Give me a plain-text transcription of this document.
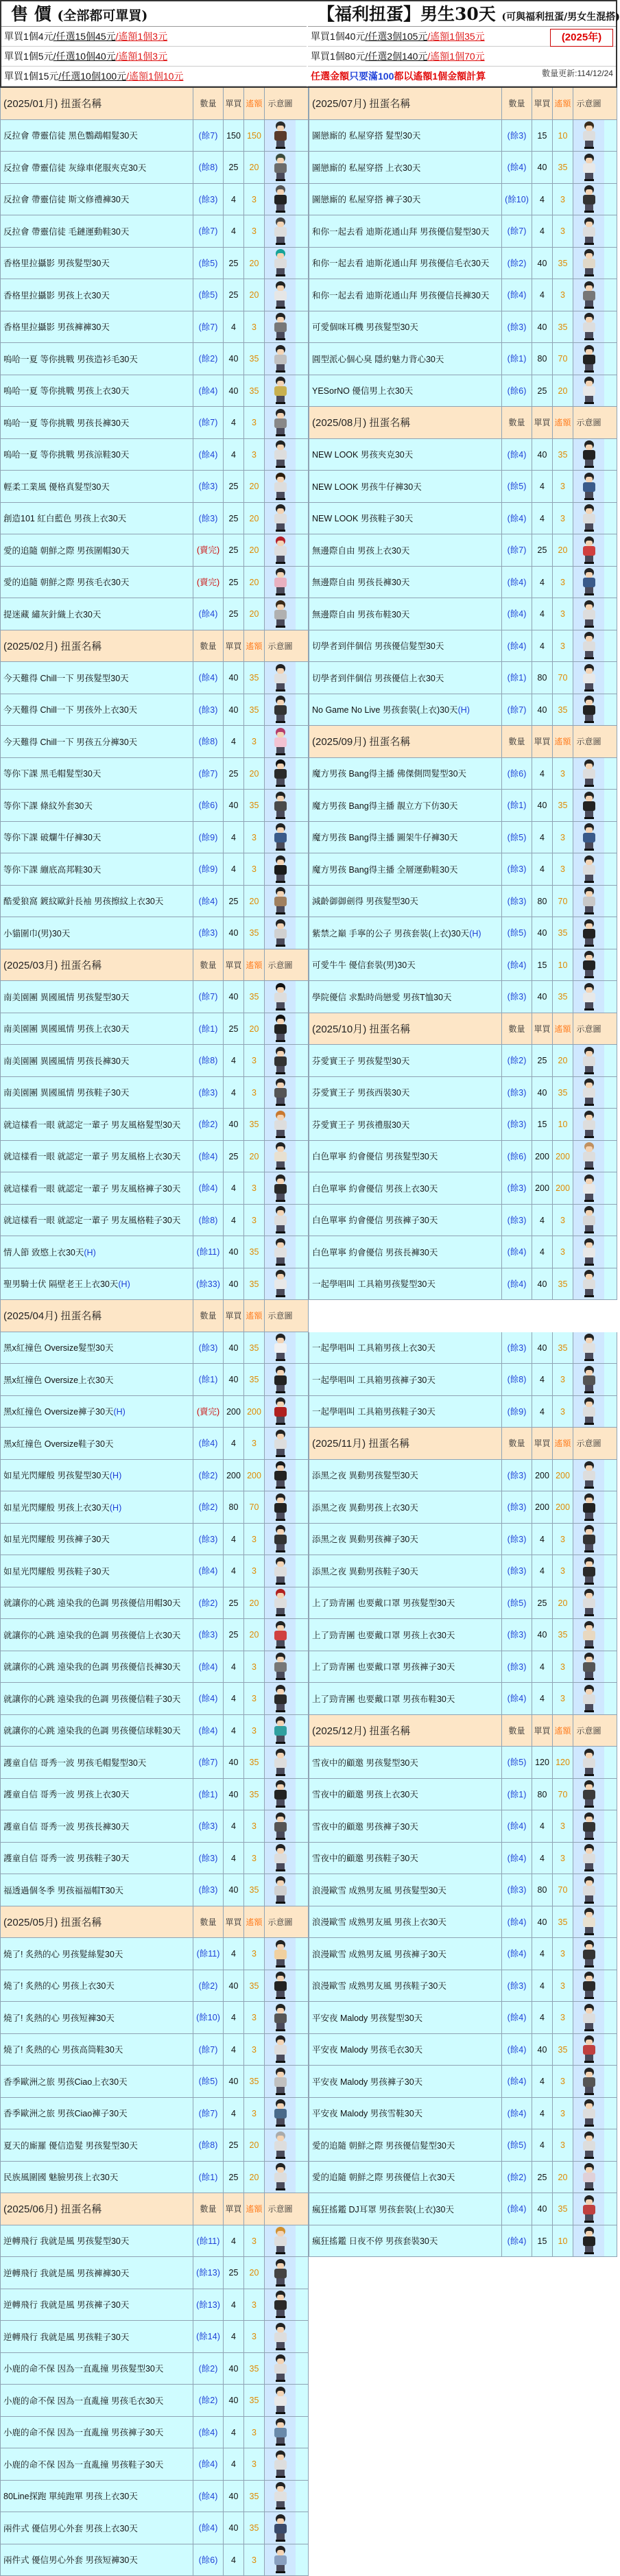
售 價 (全部都可單買)
單買1個4元/任選15個45元/遙額1個3元
單買1個5元/任選10個40元/遙額1個3元
單買1個15元/任選10個100元/遙額1個10元
【福利扭蛋】男生30天 (可與福利扭蛋/男女生混搭)
單買1個40元/任選3個105元/遙額1個35元
單買1個80元/任選2個140元/遙額1個70元
任選金額只要滿100都以遙額1個金額計算
(2025年)
數量更新:114/12/24
(2025/01月) 扭蛋名稱	數量	單買 遙額 示意圖
反拉會 帶靈信徒 黑色鸚鵡帽髮30天	(餘7)	150 150
反拉會 帶靈信徒 灰綠車佬服夾克30天	(餘8)	25	20
反拉會 帶靈信徒 斯文修禮褲30天	(餘3)	4	3
反拉會 帶靈信徒 毛鏈運動鞋30天	(餘7)	4	3
香格里拉攝影 男孩髮型30天	(餘5)	25	20
香格里拉攝影 男孩上衣30天	(餘5)	25	20
香格里拉攝影 男孩褲褲30天	(餘7)	4	3
嗚哈一夏 等你挑戰 男孩造衫毛30天	(餘2)	40	35
嗚哈一夏 等你挑戰 男孩上衣30天	(餘4)	40	35
嗚哈一夏 等你挑戰 男孩長褲30天	(餘7)	4	3
嗚哈一夏 等你挑戰 男孩涼鞋30天	(餘4)	4	3
輕柔工業風 優格真髮型30天	(餘3)	25	20
創造101 紅白藍色 男孩上衣30天	(餘3)	25	20
愛的追隨 朝鮮之際 男孩圍帽30天	(賣完)	25	20
愛的追隨 朝鮮之際 男孩毛衣30天	(賣完)	25	20
提迷藏 繡灰針織上衣30天	(餘4)	25	20
(2025/02月) 扭蛋名稱	數量	單買 遙額 示意圖
今天難得 Chill一下 男孩髮型30天	(餘4)	40	35
今天難得 Chill一下 男孩外上衣30天	(餘3)	40	35
今天難得 Chill一下 男孩五分褲30天	(餘8)	4	3
等你下課 黑毛帽髮型30天	(餘7)	25	20
等你下課 條紋外套30天	(餘6)	40	35
等你下課 破爛牛仔褲30天	(餘9)	4	3
等你下課 繃底高邦鞋30天	(餘9)	4	3
酷愛狼窩 鍍紋歐針長袖 男孩擦紋上衣30天	(餘4)	25	20
小貓圍巾(男)30天	(餘3)	40	35
(2025/03月) 扭蛋名稱	數量	單買 遙額 示意圖
南美園團 異國風情 男孩髮型30天	(餘7)	40	35
南美園團 異國風情 男孩上衣30天	(餘1)	25	20
南美園團 異國風情 男孩長褲30天	(餘8)	4	3
南美園團 異國風情 男孩鞋子30天	(餘3)	4	3
就這樣看一眼 就認定一輩子 男友風格髮型30天	(餘2)	40	35
就這樣看一眼 就認定一輩子 男友風格上衣30天	(餘4)	25	20
就這樣看一眼 就認定一輩子 男友風格褲子30天	(餘4)	4	3
就這樣看一眼 就認定一輩子 男友風格鞋子30天	(餘8)	4	3
情人節 致愍上衣30天(H)	(餘11)	40	35
聖男騎士伏 隔壁老王上衣30天(H)	(餘33)	40	35
(2025/04月) 扭蛋名稱	數量	單買 遙額 示意圖
黑x紅撞色 Oversize髮型30天	(餘3)	40	35
黑x紅撞色 Oversize上衣30天	(餘1)	40	35
黑x紅撞色 Oversize褲子30天(H)	(賣完) 200 200
黑x紅撞色 Oversize鞋子30天	(餘4)	4	3
如星光閃耀般 男孩髮型30天(H)	(餘2)	200 200
如星光閃耀般 男孩上衣30天(H)	(餘2)	80	70
如星光閃耀般 男孩褲子30天	(餘3)	4	3
如星光閃耀般 男孩鞋子30天	(餘4)	4	3
就讓你的心跳 遠染我的色調 男孩優信用帽30天	(餘2)	25	20
就讓你的心跳 遠染我的色調 男孩優信上衣30天	(餘3)	25	20
就讓你的心跳 遠染我的色調 男孩優信長褲30天	(餘4)	4	3
就讓你的心跳 遠染我的色調 男孩優信鞋子30天	(餘4)	4	3
就讓你的心跳 遠染我的色調 男孩優信球鞋30天	(餘4)	4	3
護童自信 哥秀一波 男孩毛帽髮型30天	(餘7)	40	35
護童自信 哥秀一波 男孩上衣30天	(餘1)	40	35
護童自信 哥秀一波 男孩長褲30天	(餘3)	4	3
護童自信 哥秀一波 男孩鞋子30天	(餘3)	4	3
福透過個冬季 男孩福福帽T30天	(餘3)	40	35
(2025/05月) 扭蛋名稱	數量	單買 遙額 示意圖
燒了! 炙熱的心 男孩髮絲髮30天	(餘11)	4	3
燒了! 炙熱的心 男孩上衣30天	(餘2)	40	35
燒了! 炙熱的心 男孩短褲30天	(餘10)	4	3
燒了! 炙熱的心 男孩高筒鞋30天	(餘7)	4	3
香季歐洲之旅 男孩Ciao上衣30天	(餘5)	40	35
香季歐洲之旅 男孩Ciao褲子30天	(餘7)	4	3
夏天的廝羅 優信造髮 男孩髮型30天	(餘8)	25	20
民族風圍國 魅臉男孩上衣30天	(餘1)	25	20
(2025/06月) 扭蛋名稱	數量	單買 遙額 示意圖
逆轉飛行 我就是風 男孩髮型30天	(餘11)	4	3
逆轉飛行 我就是風 男孩褲褲30天	(餘13)	25	20
逆轉飛行 我就是風 男孩褲子30天	(餘13)	4	3
逆轉飛行 我就是風 男孩鞋子30天	(餘14)	4	3
小鹿的命不保 因為一直亂撞 男孩髮型30天	(餘2)	40	35
小鹿的命不保 因為一直亂撞 男孩毛衣30天	(餘2)	40	35
小鹿的命不保 因為一直亂撞 男孩褲子30天	(餘4)	4	3
小鹿的命不保 因為一直亂撞 男孩鞋子30天	(餘4)	4	3
80Line探跑 單純跑單 男孩上衣30天	(餘4)	40	35
兩件式 優信男心外套 男孩上衣30天	(餘4)	40	35
兩件式 優信男心外套 男孩短褲30天	(餘6)	4	3
(2025/07月) 扭蛋名稱	數量	單買 遙額 示意圖
圖戀廝的 私屋穿搭 髮型30天	(餘3)	15	10
圖戀廝的 私屋穿搭 上衣30天	(餘4)	40	35
圖戀廝的 私屋穿搭 褲子30天	(餘10)	4	3
和你一起去看 迪斯花通山拜 男孩優信髮型30天	(餘7)	4	3
和你一起去看 迪斯花通山拜 男孩優信毛衣30天	(餘2)	40	35
和你一起去看 迪斯花通山拜 男孩優信長褲30天	(餘4)	4	3
可愛個咪耳機 男孩髮型30天	(餘3)	40	35
圓型派心個心臭 隱約魅力背心30天	(餘1)	80	70
YESorNO 優信男上衣30天	(餘6)	25	20
(2025/08月) 扭蛋名稱	數量	單買 遙額 示意圖
NEW LOOK 男孩夾克30天	(餘4)	40	35
NEW LOOK 男孩牛仔褲30天	(餘5)	4	3
NEW LOOK 男孩鞋子30天	(餘4)	4	3
無邊際自由 男孩上衣30天	(餘7)	25	20
無邊際自由 男孩長褲30天	(餘4)	4	3
無邊際自由 男孩布鞋30天	(餘4)	4	3
切學者到伴個信 男孩優信髮型30天	(餘4)	4	3
切學者到伴個信 男孩優信上衣30天	(餘1)	80	70
No Game No Live 男孩套裝(上衣)30天(H)	(餘7)	40	35
(2025/09月) 扭蛋名稱	數量	單買 遙額 示意圖
魔方男孩 Bang得主播 佛傑側問髮型30天	(餘6)	4	3
魔方男孩 Bang得主播 靚立方下仿30天	(餘1)	40	35
魔方男孩 Bang得主播 圖架牛仔褲30天	(餘5)	4	3
魔方男孩 Bang得主播 全層運動鞋30天	(餘3)	4	3
減齡御御劍得 男孩髮型30天	(餘3)	80	70
紫禁之巔 手寧的公子 男孩套裝(上衣)30天(H)	(餘5)	40	35
可愛牛牛 優信套裝(男)30天	(餘4)	15	10
學院優信 求點時尚戀愛 男孩T恤30天	(餘3)	40	35
(2025/10月) 扭蛋名稱	數量	單買 遙額 示意圖
芬愛實王子 男孩髮型30天	(餘2)	25	20
芬愛實王子 男孩西裝30天	(餘3)	40	35
芬愛實王子 男孩禮服30天	(餘3)	15	10
白色單寧 約會優信 男孩髮型30天	(餘6)	200 200
白色單寧 約會優信 男孩上衣30天	(餘3)	200 200
白色單寧 約會優信 男孩褲子30天	(餘3)	4	3
白色單寧 約會優信 男孩長褲30天	(餘4)	4	3
一起學唱叫 工具箱男孩髮型30天	(餘4)	40	35
一起學唱叫 工具箱男孩上衣30天	(餘3)	40	35
一起學唱叫 工具箱男孩褲子30天	(餘8)	4	3
一起學唱叫 工具箱男孩鞋子30天	(餘9)	4	3
(2025/11月) 扭蛋名稱	數量	單買 遙額 示意圖
添黑之夜 異動男孩髮型30天	(餘3)	200 200
添黑之夜 異動男孩上衣30天	(餘3)	200 200
添黑之夜 異動男孩褲子30天	(餘3)	4	3
添黑之夜 異動男孩鞋子30天	(餘3)	4	3
上了勁青團 也要戴口罩 男孩髮型30天	(餘5)	25	20
上了勁青團 也要戴口罩 男孩上衣30天	(餘3)	40	35
上了勁青團 也要戴口罩 男孩褲子30天	(餘3)	4	3
上了勁青團 也要戴口罩 男孩布鞋30天	(餘4)	4	3
(2025/12月) 扭蛋名稱	數量	單買 遙額 示意圖
雪夜中的顧邀 男孩髮型30天	(餘5)	120 120
雪夜中的顧邀 男孩上衣30天	(餘1)	80	70
雪夜中的顧邀 男孩褲子30天	(餘4)	4	3
雪夜中的顧邀 男孩鞋子30天	(餘4)	4	3
浪漫歐雪 成熟男友風 男孩髮型30天	(餘3)	80	70
浪漫歐雪 成熟男友風 男孩上衣30天	(餘4)	40	35
浪漫歐雪 成熟男友風 男孩褲子30天	(餘4)	4	3
浪漫歐雪 成熟男友風 男孩鞋子30天	(餘3)	4	3
平安夜 Malody 男孩髮型30天	(餘4)	4	3
平安夜 Malody 男孩毛衣30天	(餘4)	40	35
平安夜 Malody 男孩褲子30天	(餘4)	4	3
平安夜 Malody 男孩雪鞋30天	(餘4)	4	3
愛的追隨 朝鮮之際 男孩優信髮型30天	(餘5)	4	3
愛的追隨 朝鮮之際 男孩優信上衣30天	(餘2)	25	20
瘋狂搖鑑 DJ耳罩 男孩套裝(上衣)30天	(餘4)	40	35
瘋狂搖鑑 日夜不停 男孩套裝30天	(餘4)	15	10
